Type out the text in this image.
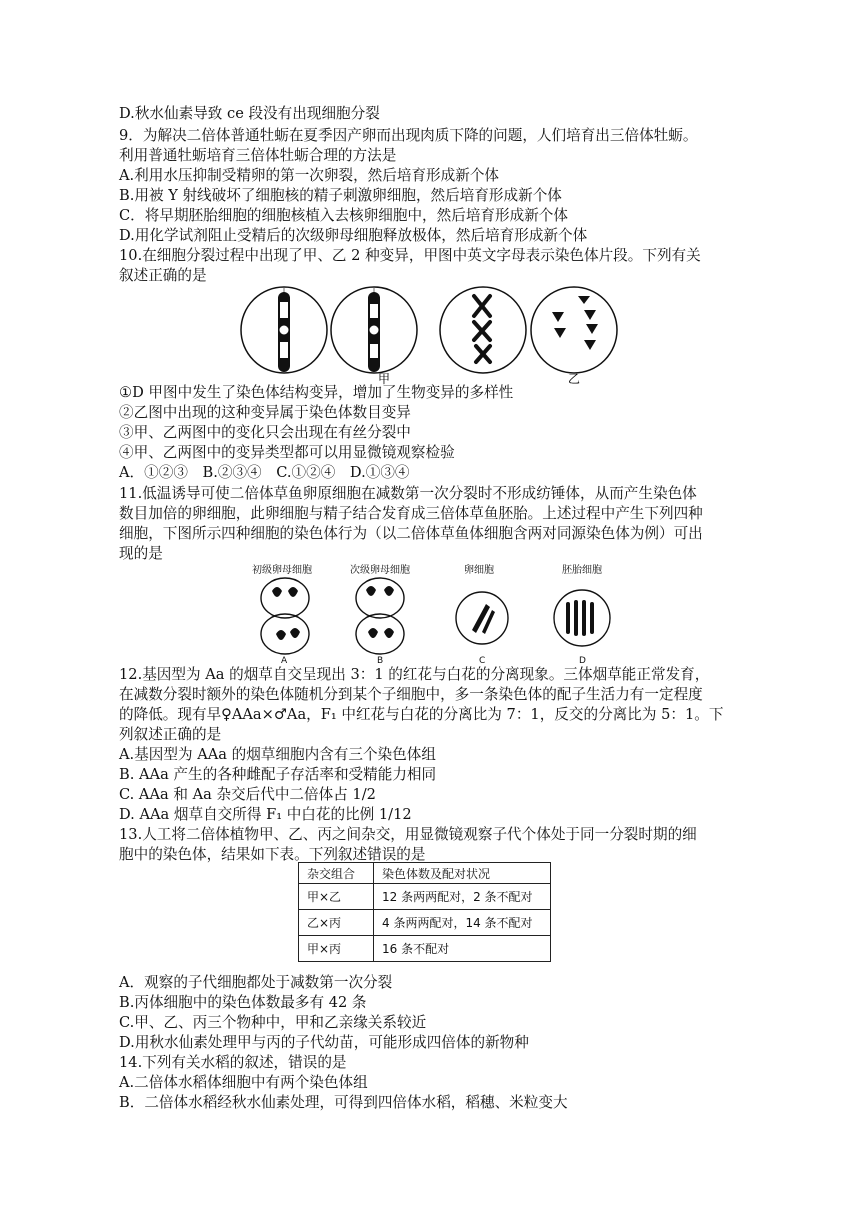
D.秋水仙素导致 ce 段没有出现细胞分裂
9．为解决二倍体普通牡蛎在夏季因产卵而出现肉质下降的问题，人们培育出三倍体牡蛎。
利用普通牡蛎培育三倍体牡蛎合理的方法是
A.利用水压抑制受精卵的第一次卵裂，然后培育形成新个体
B.用被 Y 射线破坏了细胞核的精子刺激卵细胞，然后培育形成新个体
C．将早期胚胎细胞的细胞核植入去核卵细胞中，然后培育形成新个体
D.用化学试剂阻止受精后的次级卵母细胞释放极体，然后培育形成新个体
10.在细胞分裂过程中出现了甲、乙 2 种变异，甲图中英文字母表示染色体片段。下列有关
叙述正确的是
甲	乙
①D 甲图中发生了染色体结构变异，增加了生物变异的多样性
②乙图中出现的这种变异属于染色体数目变异
③甲、乙两图中的变化只会出现在有丝分裂中
④甲、乙两图中的变异类型都可以用显微镜观察检验
A．①②③　B.②③④　C.①②④　D.①③④
11.低温诱导可使二倍体草鱼卵原细胞在减数第一次分裂时不形成纺锤体，从而产生染色体
数目加倍的卵细胞，此卵细胞与精子结合发育成三倍体草鱼胚胎。上述过程中产生下列四种
细胞，下图所示四种细胞的染色体行为（以二倍体草鱼体细胞含两对同源染色体为例）可出
现的是
初级卵母细胞	次级卵母细胞	卵细胞	胚胎细胞
A	B	C	D
12.基因型为 Aa 的烟草自交呈现出 3：1 的红花与白花的分离现象。三体烟草能正常发育，
在减数分裂时额外的染色体随机分到某个子细胞中，多一条染色体的配子生活力有一定程度
的降低。现有早♀AAa×♂Aa，F₁ 中红花与白花的分离比为 7：1，反交的分离比为 5：1。下
列叙述正确的是
A.基因型为 AAa 的烟草细胞内含有三个染色体组
B. AAa 产生的各种雌配子存活率和受精能力相同
C. AAa 和 Aa 杂交后代中二倍体占 1/2
D. AAa 烟草自交所得 F₁ 中白花的比例 1/12
13.人工将二倍体植物甲、乙、丙之间杂交，用显微镜观察子代个体处于同一分裂时期的细
胞中的染色体，结果如下表。下列叙述错误的是
杂交组合	染色体数及配对状况
甲×乙	12 条两两配对，2 条不配对
乙×丙	4 条两两配对，14 条不配对
甲×丙	16 条不配对
A．观察的子代细胞都处于减数第一次分裂
B.丙体细胞中的染色体数最多有 42 条
C.甲、乙、丙三个物种中，甲和乙亲缘关系较近
D.用秋水仙素处理甲与丙的子代幼苗，可能形成四倍体的新物种
14.下列有关水稻的叙述，错误的是
A.二倍体水稻体细胞中有两个染色体组
B．二倍体水稻经秋水仙素处理，可得到四倍体水稻，稻穗、米粒变大
